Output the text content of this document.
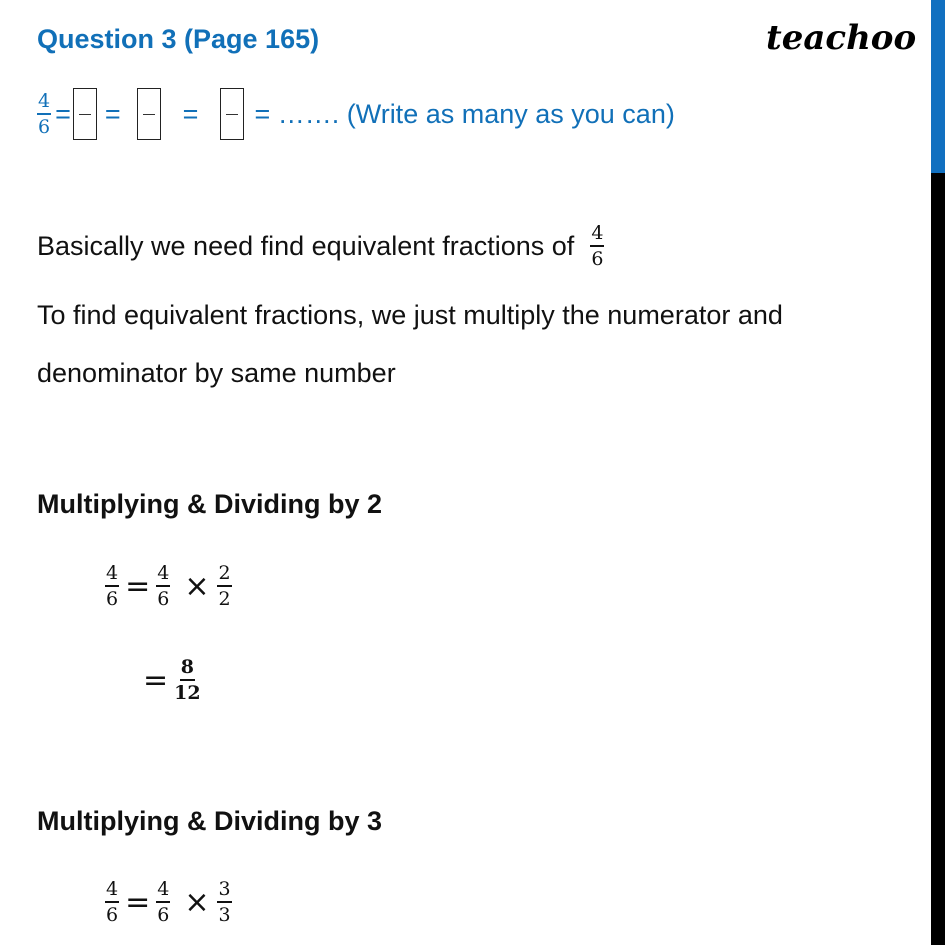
Question 3 (Page 165)	teachoo
$\frac{4}{6}$ = = = = ……. (Write as many as you can)
Basically we need find equivalent fractions of $\frac{4}{6}$
To find equivalent fractions, we just multiply the numerator and
denominator by same number
Multiplying & Dividing by 2
$\frac{4}{6} = \frac{4}{6} \times \frac{2}{2}$
= $\frac{8}{12}$
Multiplying & Dividing by 3
$\frac{4}{6} = \frac{4}{6} \times \frac{3}{3}$
